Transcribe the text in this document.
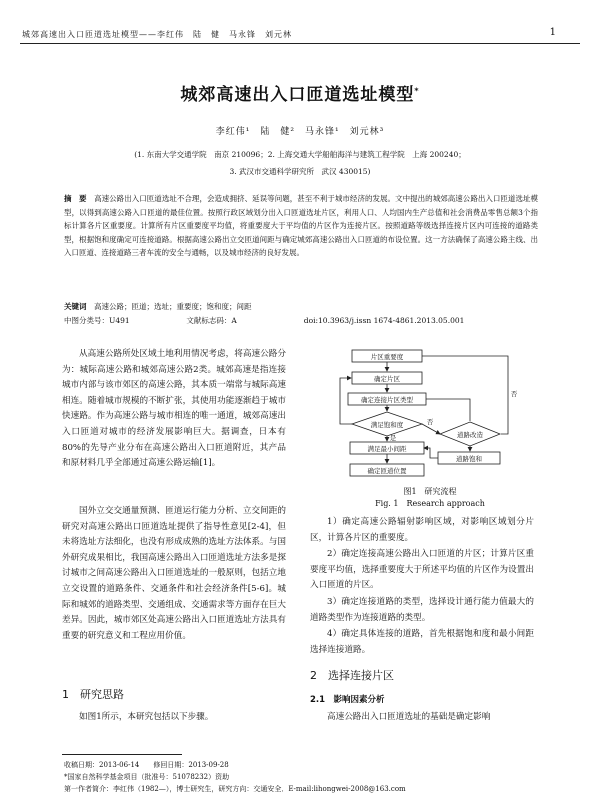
城郊高速出入口匝道选址模型——李红伟　陆　健　马永锋　刘元林	1
城郊高速出入口匝道选址模型*
李红伟¹　陆　健²　马永锋¹　刘元林³
(1. 东南大学交通学院　南京 210096；2. 上海交通大学船舶海洋与建筑工程学院　上海 200240；
3. 武汉市交通科学研究所　武汉 430015)
摘　要　 高速公路出入口匝道选址不合理，会造成拥挤、延误等问题，甚至不利于城市经济的发展。文中提出的城郊高速公路出入口匝道选址模型，以得到高速公路入口匝道的最佳位置。按照行政区域划分出入口匝道选址片区，利用人口、人均国内生产总值和社会消费品零售总额3个指标计算各片区重要度。计算所有片区重要度平均值，将重要度大于平均值的片区作为连接片区。按照道路等级选择连接片区内可连接的道路类型，根据饱和度确定可连接道路。根据高速公路出立交匝道间距与确定城郊高速公路出入口匝道的布设位置。这一方法确保了高速公路主线、出入口匝道、连接道路三者车流的安全与通畅，以及城市经济的良好发展。
关键词　 高速公路；匝道；选址；重要度；饱和度；间距
中图分类号：U491	文献标志码：A	doi:10.3963/j.issn 1674-4861.2013.05.001
从高速公路所处区域土地利用情况考虑，将高速公路分为：城际高速公路和城郊高速公路2类。城郊高速是指连接城市内部与该市郊区的高速公路，其本质一端常与城际高速相连。随着城市规模的不断扩张，其使用功能逐渐趋于城市快速路。作为高速公路与城市相连的唯一通道，城郊高速出入口匝道对城市的经济发展影响巨大。据调查，日本有80%的先导产业分布在高速公路出入口匝道附近，其产品和原材料几乎全部通过高速公路运输[1]。
国外立交交通量预测、匝道运行能力分析、立交间距的研究对高速公路出口匝道选址提供了指导性意见[2-4]，但未将选址方法细化，也没有形成成熟的选址方法体系。与国外研究成果相比，我国高速公路出入口匝道选址方法多是探讨城市之间高速公路出入口匝道选址的一般原则，包括立地立交设置的道路条件、交通条件和社会经济条件[5-6]。城际和城郊的道路类型、交通组成、交通需求等方面存在巨大差异。因此，城市郊区处高速公路出入口匝道选址方法具有重要的研究意义和工程应用价值。
1　研究思路
如图1所示，本研究包括以下步骤。
片区重要度
确定片区
确定连接片区类型
满足饱和度
道路改造
满足最小间距
道路饱和
确定匝道位置
是
否
否
图1　研究流程
Fig. 1　Research approach
1）确定高速公路辐射影响区域，对影响区域划分片区，计算各片区的重要度。
2）确定连接高速公路出入口匝道的片区；计算片区重要度平均值，选择重要度大于所述平均值的片区作为设置出入口匝道的片区。
3）确定连接道路的类型，选择设计通行能力值最大的道路类型作为连接道路的类型。
4）确定具体连接的道路，首先根据饱和度和最小间距选择连接道路。
2　选择连接片区
2.1　影响因素分析
高速公路出入口匝道选址的基础是确定影响
收稿日期：2013-06-14　　修回日期：2013-09-28
*国家自然科学基金项目（批准号：51078232）资助
第一作者简介：李红伟（1982—），博士研究生，研究方向：交通安全．E-mail:lihongwei-2008@163.com
